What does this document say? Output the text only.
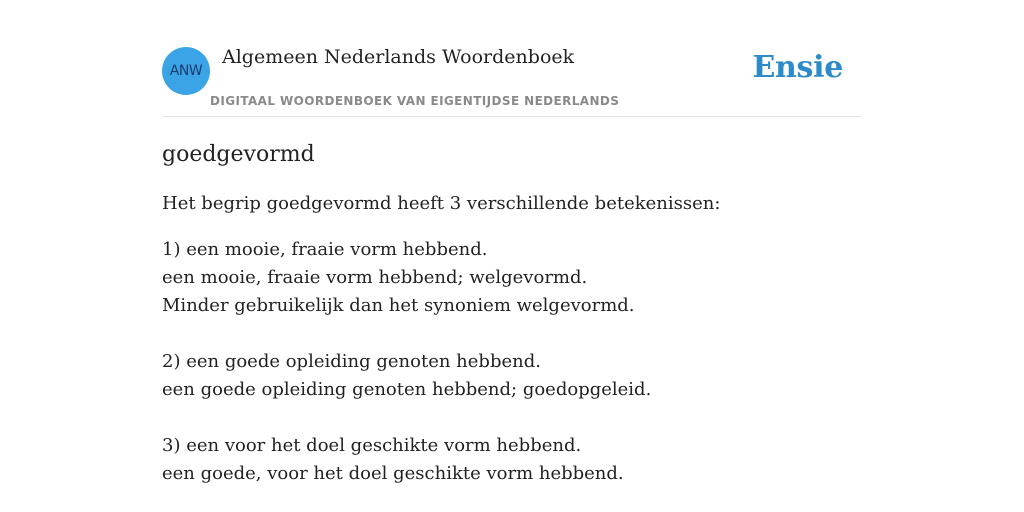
ANW
Algemeen Nederlands Woordenboek
DIGITAAL WOORDENBOEK VAN EIGENTIJDSE NEDERLANDS
Ensie
goedgevormd

Het begrip goedgevormd heeft 3 verschillende betekenissen:

1) een mooie, fraaie vorm hebbend.
een mooie, fraaie vorm hebbend; welgevormd.
Minder gebruikelijk dan het synoniem welgevormd.
2) een goede opleiding genoten hebbend.
een goede opleiding genoten hebbend; goedopgeleid.
3) een voor het doel geschikte vorm hebbend.
een goede, voor het doel geschikte vorm hebbend.
